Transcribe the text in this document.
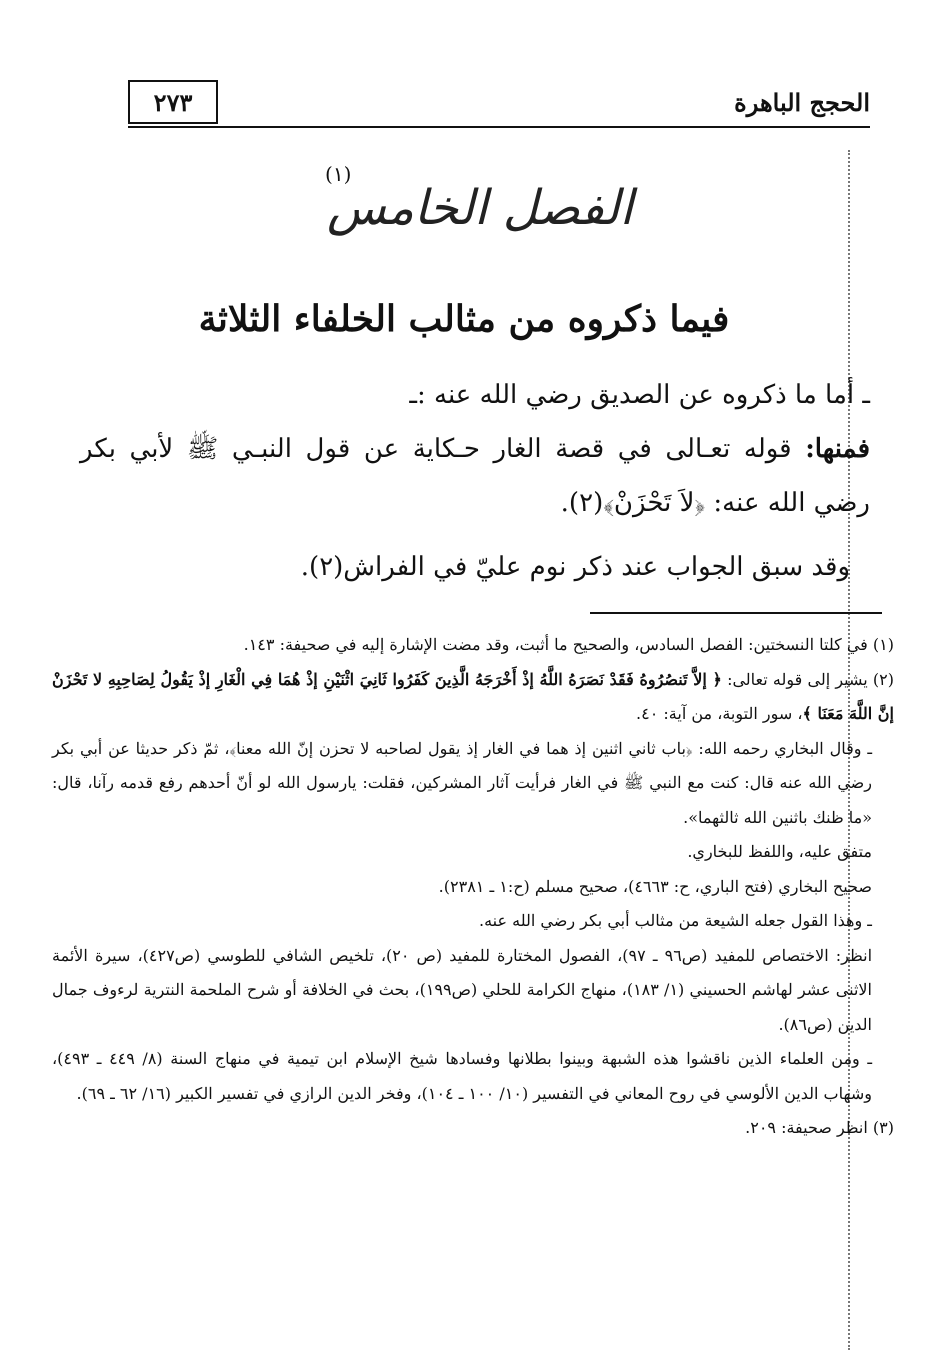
الحجج الباهرة
٢٧٣
(١)
الفصل الخامس
فيما ذكروه من مثالب الخلفاء الثلاثة

ـ أما ما ذكروه عن الصديق رضي الله عنه :ـ

فمنها: قوله تعـالى في قصة الغار حـكاية عن قول النبـي ﷺ لأبي بكر رضي الله عنه: ﴿لاَ تَحْزَنْ﴾(٢).

وقد سبق الجواب عند ذكر نوم عليّ في الفراش(٢).

(١) في كلتا النسختين: الفصل السادس، والصحيح ما أثبت، وقد مضت الإشارة إليه في صحيفة: ١٤٣.

(٢) يشير إلى قوله تعالى: ﴿ إلاَّ تَنصُرُوهُ فَقَدْ نَصَرَهُ اللَّهُ إذْ أَخْرَجَهُ الَّذِينَ كَفَرُوا ثَانِيَ اثْنَيْنِ إذْ هُمَا فِي الْغَارِ إذْ يَقُولُ لِصَاحِبِهِ لا تَحْزَنْ إنَّ اللَّهَ مَعَنَا ﴾، سور التوبة، من آية: ٤٠.

ـ وقال البخاري رحمه الله: ﴿باب ثاني اثنين إذ هما في الغار إذ يقول لصاحبه لا تحزن إنّ الله معنا﴾، ثمّ ذكر حديثا عن أبي بكر رضي الله عنه قال: كنت مع النبي ﷺ في الغار فرأيت آثار المشركين، فقلت: يارسول الله لو أنّ أحدهم رفع قدمه رآنا، قال: «ما ظنك باثنين الله ثالثهما».

متفق عليه، واللفظ للبخاري.

صحيح البخاري (فتح الباري، ح: ٤٦٦٣)، صحيح مسلم (ح:١ ـ ٢٣٨١).

ـ وهذا القول جعله الشيعة من مثالب أبي بكر رضي الله عنه.

انظر: الاختصاص للمفيد (ص٩٦ ـ ٩٧)، الفصول المختارة للمفيد (ص ٢٠)، تلخيص الشافي للطوسي (ص٤٢٧)، سيرة الأئمة الاثنى عشر لهاشم الحسيني (١/ ١٨٣)، منهاج الكرامة للحلي (ص١٩٩)، بحث في الخلافة أو شرح الملحمة النترية لرءوف جمال الدين (ص٨٦).

ـ ومن العلماء الذين ناقشوا هذه الشبهة وبينوا بطلانها وفسادها شيخ الإسلام ابن تيمية في منهاج السنة (٨/ ٤٤٩ ـ ٤٩٣)، وشهاب الدين الألوسي في روح المعاني في التفسير (١٠/ ١٠٠ ـ ١٠٤)، وفخر الدين الرازي في تفسير الكبير (١٦/ ٦٢ ـ ٦٩).

(٣) انظر صحيفة: ٢٠٩.
